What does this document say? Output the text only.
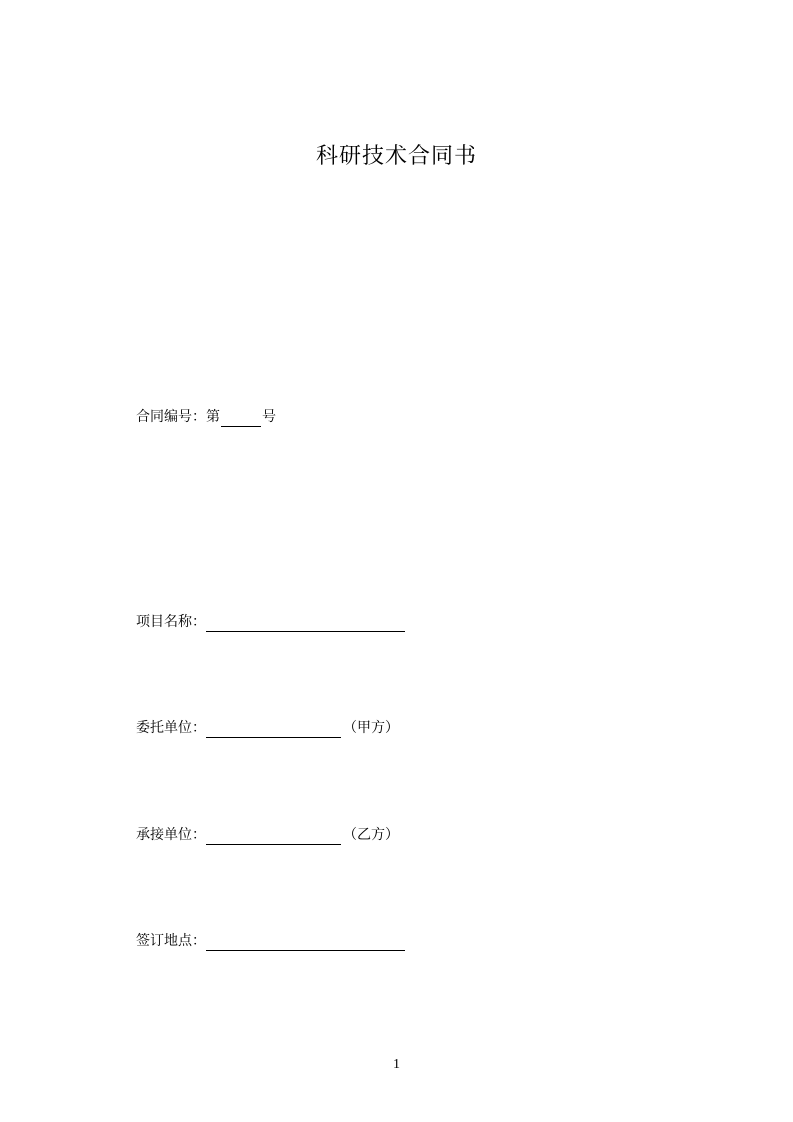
科研技术合同书
合同编号：第	号
项目名称：
委托单位：	（甲方）
承接单位：	（乙方）
签订地点：
1
